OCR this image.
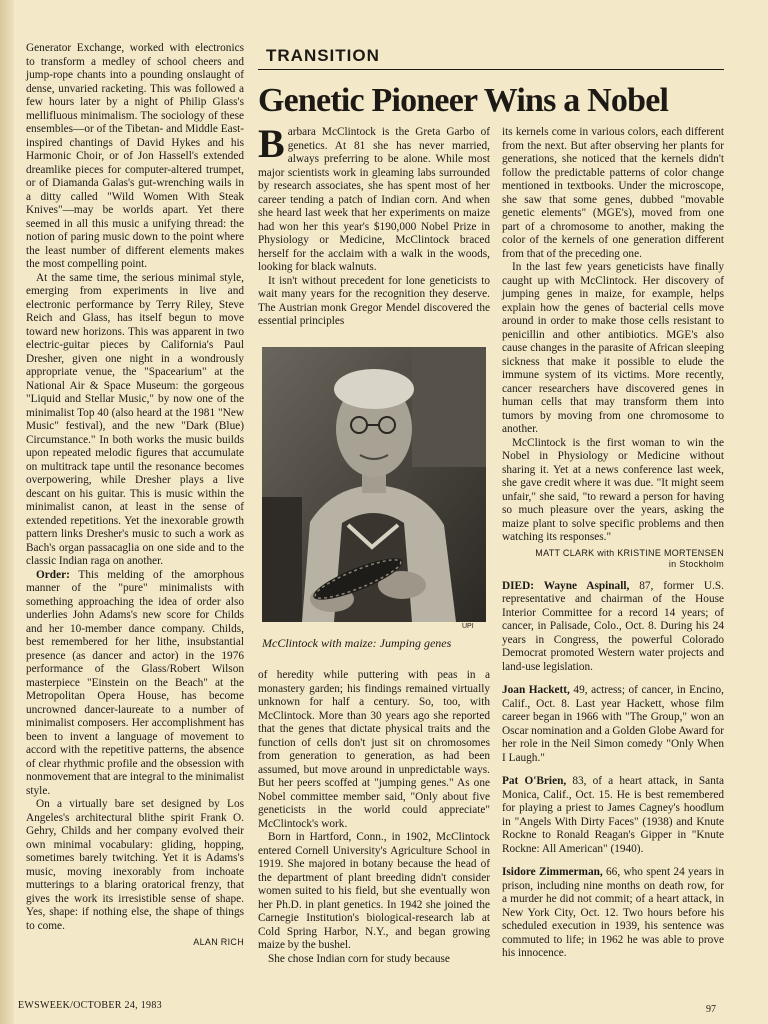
Generator Exchange, worked with electronics to transform a medley of school cheers and jump-rope chants into a pounding onslaught of dense, unvaried racketing. This was followed a few hours later by a night of Philip Glass's mellifluous minimalism. The sociology of these ensembles—or of the Tibetan- and Middle East-inspired chantings of David Hykes and his Harmonic Choir, or of Jon Hassell's extended dreamlike pieces for computer-altered trumpet, or of Diamanda Galas's gut-wrenching wails in a ditty called "Wild Women With Steak Knives"—may be worlds apart. Yet there seemed in all this music a unifying thread: the notion of paring music down to the point where the least number of different elements makes the most compelling point.

At the same time, the serious minimal style, emerging from experiments in live and electronic performance by Terry Riley, Steve Reich and Glass, has itself begun to move toward new horizons. This was apparent in two electric-guitar pieces by California's Paul Dresher, given one night in a wondrously appropriate venue, the "Spacearium" at the National Air & Space Museum: the gorgeous "Liquid and Stellar Music," by now one of the minimalist Top 40 (also heard at the 1981 "New Music" festival), and the new "Dark (Blue) Circumstance." In both works the music builds upon repeated melodic figures that accumulate on multitrack tape until the resonance becomes overpowering, while Dresher plays a live descant on his guitar. This is music within the minimalist canon, at least in the sense of extended repetitions. Yet the inexorable growth pattern links Dresher's music to such a work as Bach's organ passacaglia on one side and to the classic Indian raga on another.

Order: This melding of the amorphous manner of the "pure" minimalists with something approaching the idea of order also underlies John Adams's new score for Childs and her 10-member dance company. Childs, best remembered for her lithe, insubstantial presence (as dancer and actor) in the 1976 performance of the Glass/Robert Wilson masterpiece "Einstein on the Beach" at the Metropolitan Opera House, has become uncrowned dancer-laureate to a number of minimalist composers. Her accomplishment has been to invent a language of movement to accord with the repetitive patterns, the absence of clear rhythmic profile and the obsession with nonmovement that are integral to the minimalist style.

On a virtually bare set designed by Los Angeles's architectural blithe spirit Frank O. Gehry, Childs and her company evolved their own minimal vocabulary: gliding, hopping, sometimes barely twitching. Yet it is Adams's music, moving inexorably from inchoate mutterings to a blaring oratorical frenzy, that gives the work its irresistible sense of shape. Yes, shape: if nothing else, the shape of things to come.

ALAN RICH
TRANSITION
Genetic Pioneer Wins a Nobel

Barbara McClintock is the Greta Garbo of genetics. At 81 she has never married, always preferring to be alone. While most major scientists work in gleaming labs surrounded by research associates, she has spent most of her career tending a patch of Indian corn. And when she heard last week that her experiments on maize had won her this year's $190,000 Nobel Prize in Physiology or Medicine, McClintock braced herself for the acclaim with a walk in the woods, looking for black walnuts.

It isn't without precedent for lone geneticists to wait many years for the recognition they deserve. The Austrian monk Gregor Mendel discovered the essential principles

UPI
McClintock with maize: Jumping genes

of heredity while puttering with peas in a monastery garden; his findings remained virtually unknown for half a century. So, too, with McClintock. More than 30 years ago she reported that the genes that dictate physical traits and the function of cells don't just sit on chromosomes from generation to generation, as had been assumed, but move around in unpredictable ways. But her peers scoffed at "jumping genes." As one Nobel committee member said, "Only about five geneticists in the world could appreciate" McClintock's work.

Born in Hartford, Conn., in 1902, McClintock entered Cornell University's Agriculture School in 1919. She majored in botany because the head of the department of plant breeding didn't consider women suited to his field, but she eventually won her Ph.D. in plant genetics. In 1942 she joined the Carnegie Institution's biological-research lab at Cold Spring Harbor, N.Y., and began growing maize by the bushel.

She chose Indian corn for study because

its kernels come in various colors, each different from the next. But after observing her plants for generations, she noticed that the kernels didn't follow the predictable patterns of color change mentioned in textbooks. Under the microscope, she saw that some genes, dubbed "movable genetic elements" (MGE's), moved from one part of a chromosome to another, making the color of the kernels of one generation different from that of the preceding one.

In the last few years geneticists have finally caught up with McClintock. Her discovery of jumping genes in maize, for example, helps explain how the genes of bacterial cells move around in order to make those cells resistant to penicillin and other antibiotics. MGE's also cause changes in the parasite of African sleeping sickness that make it possible to elude the immune system of its victims. More recently, cancer researchers have discovered genes in human cells that may transform them into tumors by moving from one chromosome to another.

McClintock is the first woman to win the Nobel in Physiology or Medicine without sharing it. Yet at a news conference last week, she gave credit where it was due. "It might seem unfair," she said, "to reward a person for having so much pleasure over the years, asking the maize plant to solve specific problems and then watching its responses."

MATT CLARK with KRISTINE MORTENSEN
in Stockholm

DIED: Wayne Aspinall, 87, former U.S. representative and chairman of the House Interior Committee for a record 14 years; of cancer, in Palisade, Colo., Oct. 8. During his 24 years in Congress, the powerful Colorado Democrat promoted Western water projects and land-use legislation.

Joan Hackett, 49, actress; of cancer, in Encino, Calif., Oct. 8. Last year Hackett, whose film career began in 1966 with "The Group," won an Oscar nomination and a Golden Globe Award for her role in the Neil Simon comedy "Only When I Laugh."

Pat O'Brien, 83, of a heart attack, in Santa Monica, Calif., Oct. 15. He is best remembered for playing a priest to James Cagney's hoodlum in "Angels With Dirty Faces" (1938) and Knute Rockne to Ronald Reagan's Gipper in "Knute Rockne: All American" (1940).

Isidore Zimmerman, 66, who spent 24 years in prison, including nine months on death row, for a murder he did not commit; of a heart attack, in New York City, Oct. 12. Two hours before his scheduled execution in 1939, his sentence was commuted to life; in 1962 he was able to prove his innocence.

EWSWEEK/OCTOBER 24, 1983	97
